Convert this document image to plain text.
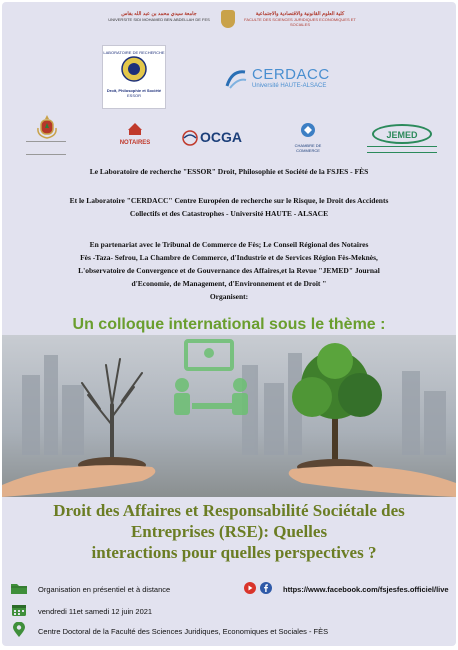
جامعة سيدي محمد بن عبد الله بفاس
UNIVERSITE SIDI MOHAMED BEN ABDELLAH DE FES
كلية العلوم القانونية والاقتصادية والاجتماعية
FACULTE DES SCIENCES JURIDIQUES ECONOMIQUES ET SOCIALES
LABORATOIRE DE RECHERCHE
Droit, Philosophie et Société
ESSOR
CERDACC
Université HAUTE-ALSACE
NOTAIRES	OCGA
CHAMBRE DE COMMERCE
JEMED
Le Laboratoire de recherche "ESSOR" Droit, Philosophie et Société de la FSJES - FÈS
Et le Laboratoire "CERDACC" Centre Européen de recherche sur le Risque, le Droit des Accidents
Collectifs et des Catastrophes - Université HAUTE - ALSACE
En partenariat avec le Tribunal de Commerce de Fès; Le Conseil Régional des Notaires
Fès -Taza- Sefrou, La Chambre de Commerce, d'Industrie et de Services Région Fès-Meknès,
L'observatoire de Convergence et de Gouvernance des Affaires,et la Revue "JEMED" Journal
d'Economie, de Management, d'Environnement et de Droit "
Organisent:
Un colloque international sous le thème :
Droit des Affaires et Responsabilité Sociétale des
Entreprises (RSE): Quelles
interactions pour quelles perspectives ?
Organisation en présentiel et à distance	https://www.facebook.com/fsjesfes.officiel/live
vendredi 11et samedi 12 juin 2021
Centre Doctoral de la Faculté des Sciences Juridiques, Economiques et Sociales - FÈS
